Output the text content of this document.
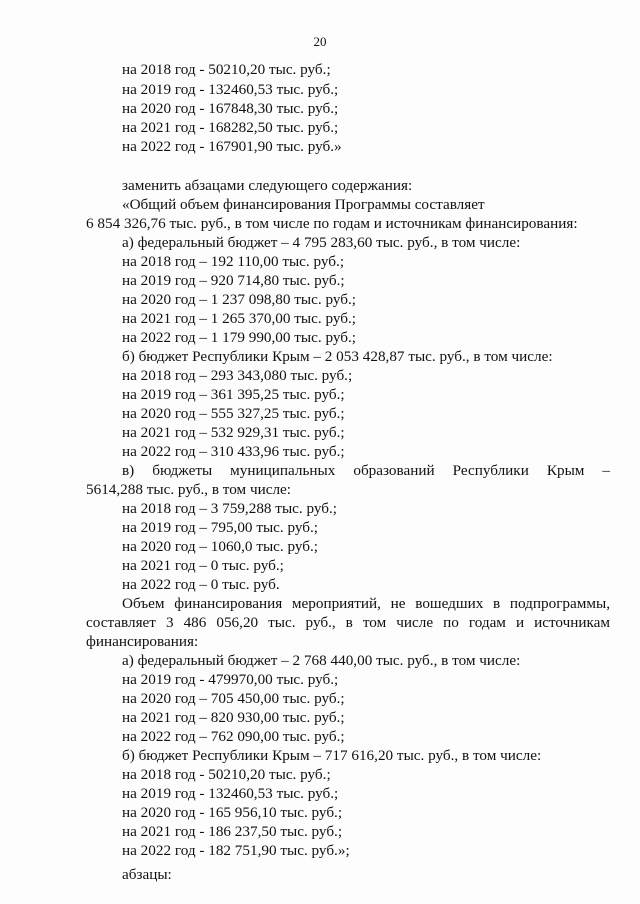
20
на 2018 год - 50210,20 тыс. руб.;
на 2019 год - 132460,53 тыс. руб.;
на 2020 год - 167848,30 тыс. руб.;
на 2021 год - 168282,50 тыс. руб.;
на 2022 год - 167901,90 тыс. руб.»
заменить абзацами следующего содержания:
«Общий объем финансирования Программы составляет
6 854 326,76 тыс. руб., в том числе по годам и источникам финансирования:
а) федеральный бюджет – 4 795 283,60 тыс. руб., в том числе:
на 2018 год – 192 110,00 тыс. руб.;
на 2019 год – 920 714,80 тыс. руб.;
на 2020 год – 1 237 098,80 тыс. руб.;
на 2021 год – 1 265 370,00 тыс. руб.;
на 2022 год – 1 179 990,00 тыс. руб.;
б) бюджет Республики Крым – 2 053 428,87 тыс. руб., в том числе:
на 2018 год – 293 343,080 тыс. руб.;
на 2019 год – 361 395,25 тыс. руб.;
на 2020 год – 555 327,25 тыс. руб.;
на 2021 год – 532 929,31 тыс. руб.;
на 2022 год – 310 433,96 тыс. руб.;
в) бюджеты муниципальных образований Республики Крым –
5614,288 тыс. руб., в том числе:
на 2018 год – 3 759,288 тыс. руб.;
на 2019 год – 795,00 тыс. руб.;
на 2020 год – 1060,0 тыс. руб.;
на 2021 год – 0 тыс. руб.;
на 2022 год – 0 тыс. руб.
Объем финансирования мероприятий, не вошедших в подпрограммы,
составляет 3 486 056,20 тыс. руб., в том числе по годам и источникам
финансирования:
а) федеральный бюджет – 2 768 440,00 тыс. руб., в том числе:
на 2019 год - 479970,00 тыс. руб.;
на 2020 год – 705 450,00 тыс. руб.;
на 2021 год – 820 930,00 тыс. руб.;
на 2022 год – 762 090,00 тыс. руб.;
б) бюджет Республики Крым – 717 616,20 тыс. руб., в том числе:
на 2018 год - 50210,20 тыс. руб.;
на 2019 год - 132460,53 тыс. руб.;
на 2020 год - 165 956,10 тыс. руб.;
на 2021 год - 186 237,50 тыс. руб.;
на 2022 год - 182 751,90 тыс. руб.»;
абзацы:
